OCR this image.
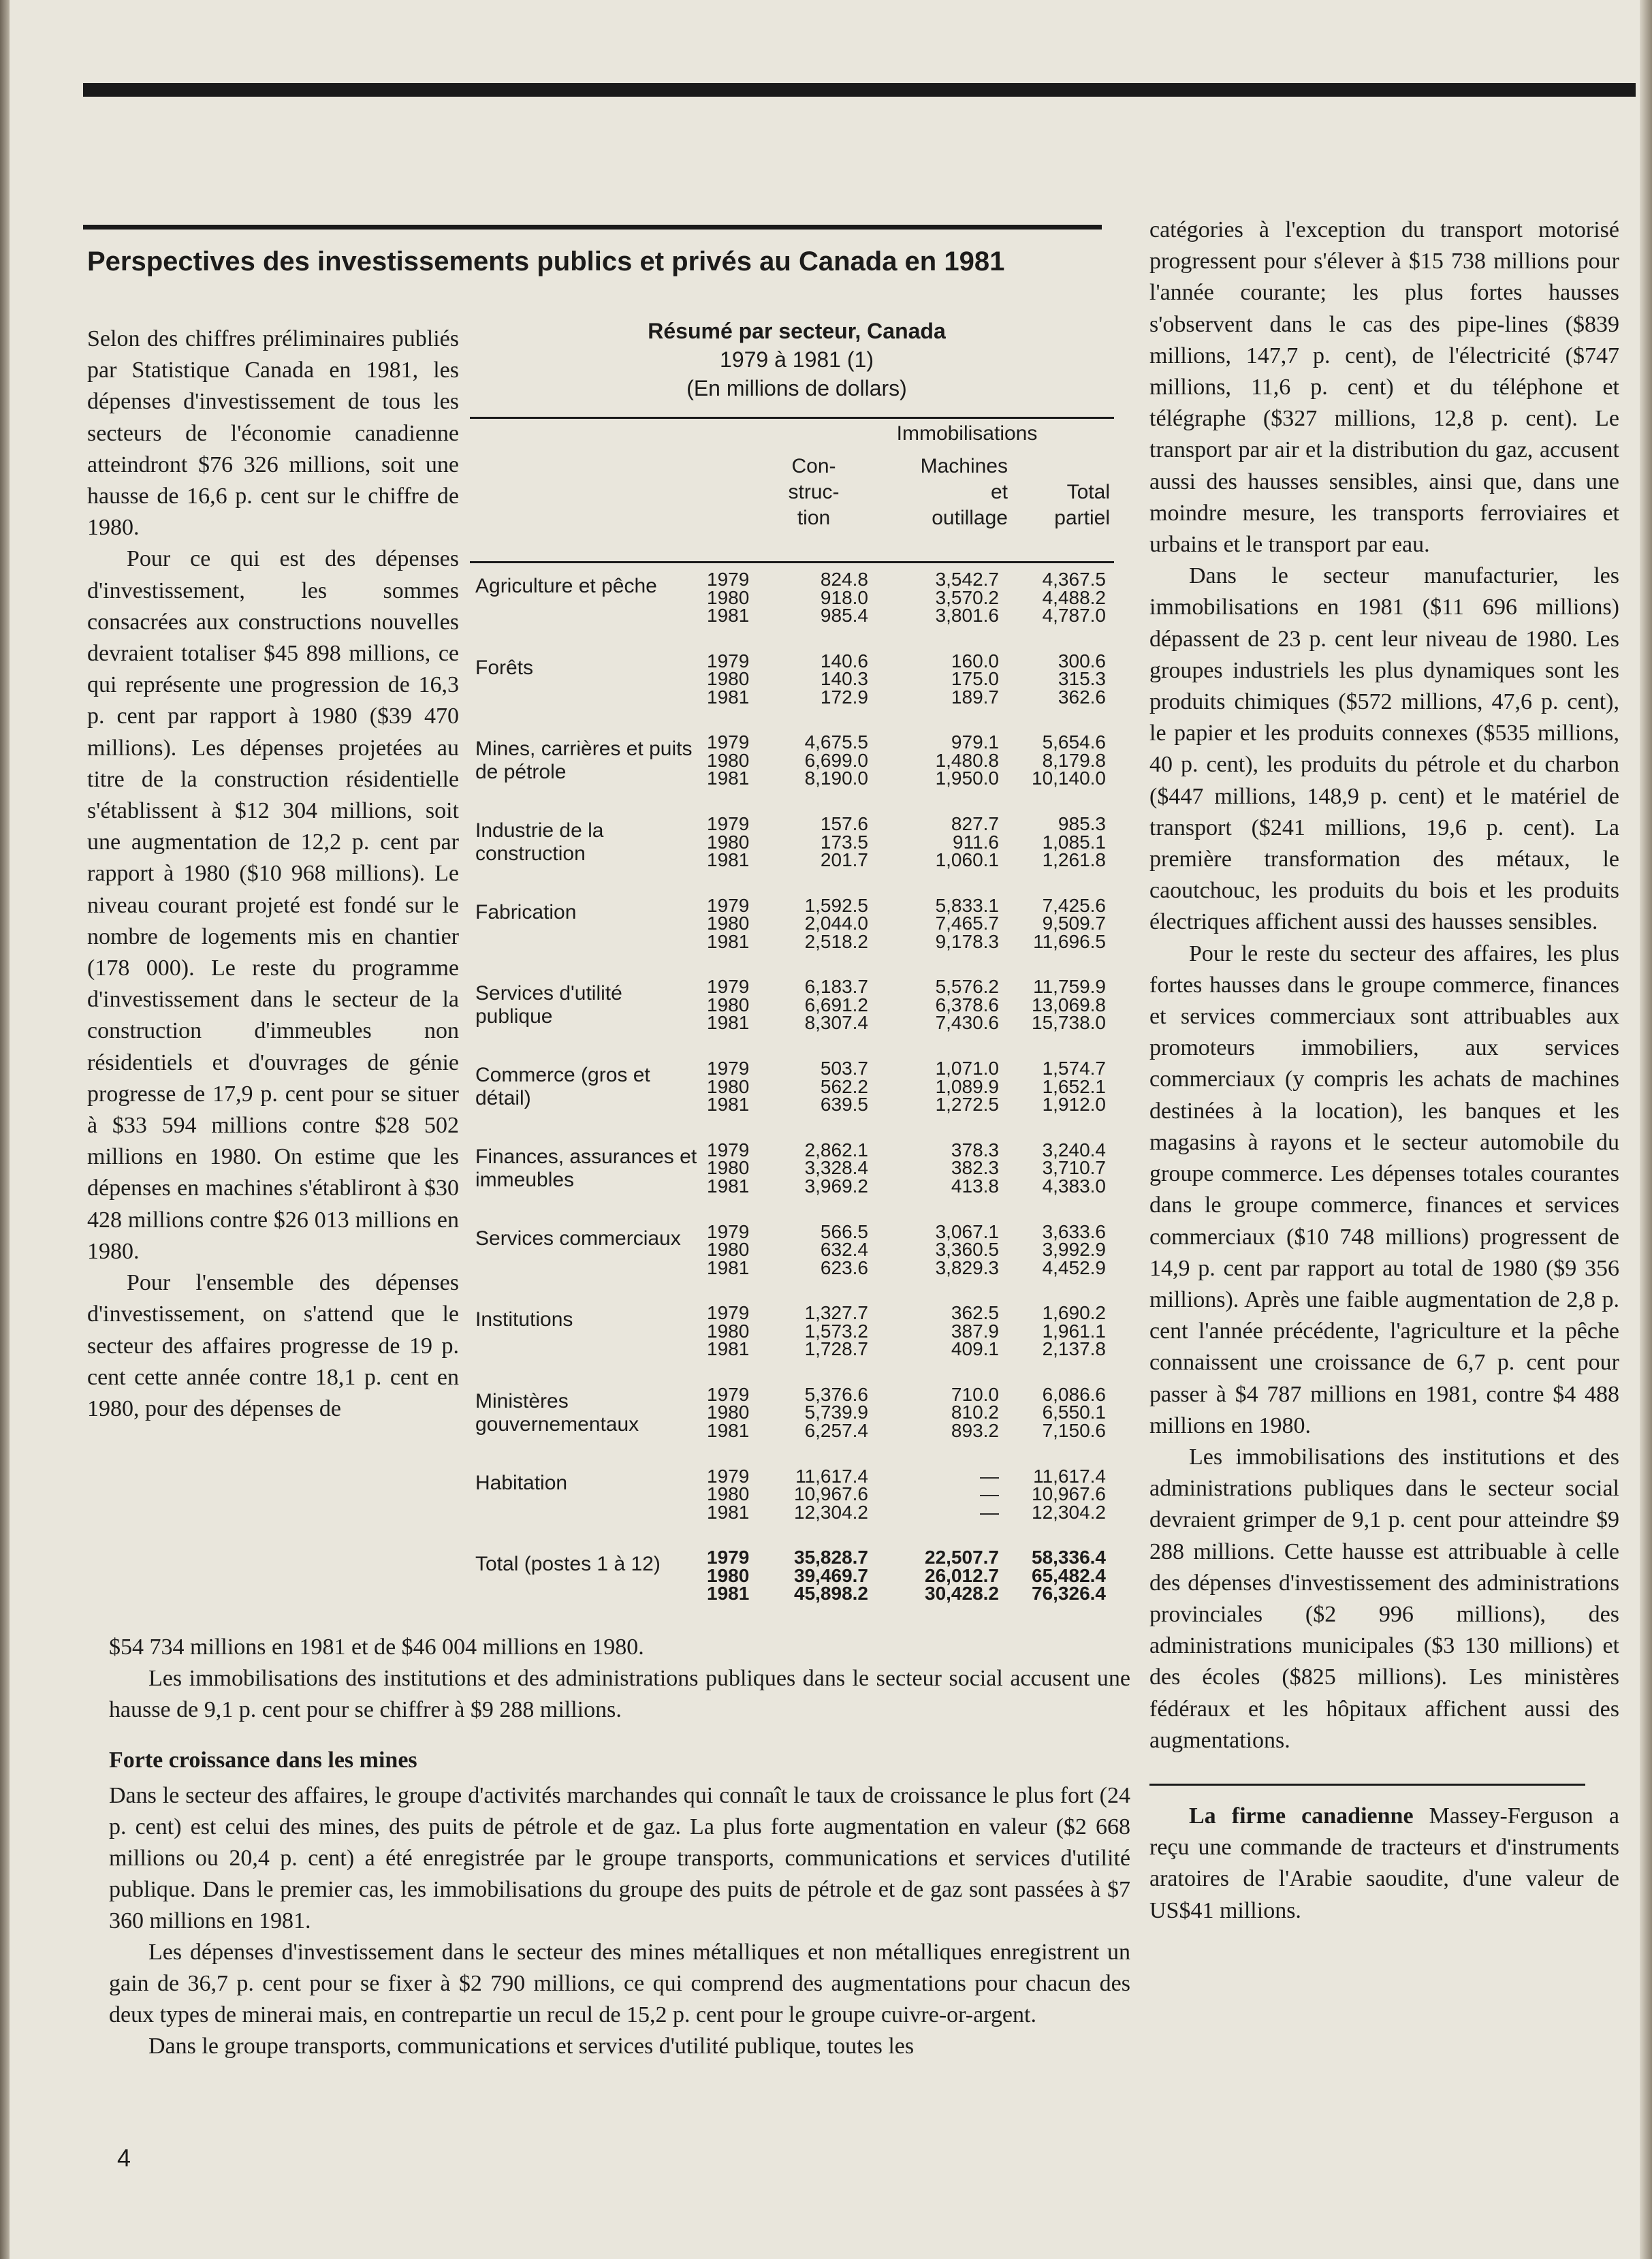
Perspectives des investissements publics et privés au Canada en 1981

Selon des chiffres préliminaires publiés par Statistique Canada en 1981, les dépenses d'investissement de tous les secteurs de l'économie canadienne atteindront $76 326 millions, soit une hausse de 16,6 p. cent sur le chiffre de 1980.

Pour ce qui est des dépenses d'investissement, les sommes consacrées aux constructions nouvelles devraient totaliser $45 898 millions, ce qui représente une progression de 16,3 p. cent par rapport à 1980 ($39 470 millions). Les dépenses projetées au titre de la construction résidentielle s'établissent à $12 304 millions, soit une augmentation de 12,2 p. cent par rapport à 1980 ($10 968 millions). Le niveau courant projeté est fondé sur le nombre de logements mis en chantier (178 000). Le reste du programme d'investissement dans le secteur de la construction d'immeubles non résidentiels et d'ouvrages de génie progresse de 17,9 p. cent pour se situer à $33 594 millions contre $28 502 millions en 1980. On estime que les dépenses en machines s'établiront à $30 428 millions contre $26 013 millions en 1980.

Pour l'ensemble des dépenses d'investissement, on s'attend que le secteur des affaires progresse de 19 p. cent cette année contre 18,1 p. cent en 1980, pour des dépenses de

Résumé par secteur, Canada
1979 à 1981 (1)
(En millions de dollars)
Immobilisations
Con-
struc-
tion
Machines
et
outillage
Total
partiel
Agriculture et pêche	1979	824.8	3,542.7	4,367.5
1980	918.0	3,570.2	4,488.2
1981	985.4	3,801.6	4,787.0
Forêts	1979	140.6	160.0	300.6
1980	140.3	175.0	315.3
1981	172.9	189.7	362.6
Mines, carrières et puits de pétrole
1979	4,675.5	979.1	5,654.6
1980	6,699.0	1,480.8	8,179.8
1981	8,190.0	1,950.0	10,140.0
Industrie de la construction
1979	157.6	827.7	985.3
1980	173.5	911.6	1,085.1
1981	201.7	1,060.1	1,261.8
Fabrication	1979	1,592.5	5,833.1	7,425.6
1980	2,044.0	7,465.7	9,509.7
1981	2,518.2	9,178.3	11,696.5
Services d'utilité publique
1979	6,183.7	5,576.2	11,759.9
1980	6,691.2	6,378.6	13,069.8
1981	8,307.4	7,430.6	15,738.0
Commerce (gros et détail)
1979	503.7	1,071.0	1,574.7
1980	562.2	1,089.9	1,652.1
1981	639.5	1,272.5	1,912.0
Finances, assurances et immeubles
1979	2,862.1	378.3	3,240.4
1980	3,328.4	382.3	3,710.7
1981	3,969.2	413.8	4,383.0
Services commerciaux	1979	566.5	3,067.1	3,633.6
1980	632.4	3,360.5	3,992.9
1981	623.6	3,829.3	4,452.9
Institutions	1979	1,327.7	362.5	1,690.2
1980	1,573.2	387.9	1,961.1
1981	1,728.7	409.1	2,137.8
Ministères gouvernementaux
1979	5,376.6	710.0	6,086.6
1980	5,739.9	810.2	6,550.1
1981	6,257.4	893.2	7,150.6
Habitation	1979	11,617.4	—	11,617.4
1980	10,967.6	—	10,967.6
1981	12,304.2	—	12,304.2
Total (postes 1 à 12)	1979	35,828.7	22,507.7	58,336.4
1980	39,469.7	26,012.7	65,482.4
1981	45,898.2	30,428.2	76,326.4

$54 734 millions en 1981 et de $46 004 millions en 1980.

Les immobilisations des institutions et des administrations publiques dans le secteur social accusent une hausse de 9,1 p. cent pour se chiffrer à $9 288 millions.

Forte croissance dans les mines

Dans le secteur des affaires, le groupe d'activités marchandes qui connaît le taux de croissance le plus fort (24 p. cent) est celui des mines, des puits de pétrole et de gaz. La plus forte augmentation en valeur ($2 668 millions ou 20,4 p. cent) a été enregistrée par le groupe transports, communications et services d'utilité publique. Dans le premier cas, les immobilisations du groupe des puits de pétrole et de gaz sont passées à $7 360 millions en 1981.

Les dépenses d'investissement dans le secteur des mines métalliques et non métalliques enregistrent un gain de 36,7 p. cent pour se fixer à $2 790 millions, ce qui comprend des augmentations pour chacun des deux types de minerai mais, en contrepartie un recul de 15,2 p. cent pour le groupe cuivre-or-argent.

Dans le groupe transports, communications et services d'utilité publique, toutes les

catégories à l'exception du transport motorisé progressent pour s'élever à $15 738 millions pour l'année courante; les plus fortes hausses s'observent dans le cas des pipe-lines ($839 millions, 147,7 p. cent), de l'électricité ($747 millions, 11,6 p. cent) et du téléphone et télégraphe ($327 millions, 12,8 p. cent). Le transport par air et la distribution du gaz, accusent aussi des hausses sensibles, ainsi que, dans une moindre mesure, les transports ferroviaires et urbains et le transport par eau.

Dans le secteur manufacturier, les immobilisations en 1981 ($11 696 millions) dépassent de 23 p. cent leur niveau de 1980. Les groupes industriels les plus dynamiques sont les produits chimiques ($572 millions, 47,6 p. cent), le papier et les produits connexes ($535 millions, 40 p. cent), les produits du pétrole et du charbon ($447 millions, 148,9 p. cent) et le matériel de transport ($241 millions, 19,6 p. cent). La première transformation des métaux, le caoutchouc, les produits du bois et les produits électriques affichent aussi des hausses sensibles.

Pour le reste du secteur des affaires, les plus fortes hausses dans le groupe commerce, finances et services commerciaux sont attribuables aux promoteurs immobiliers, aux services commerciaux (y compris les achats de machines destinées à la location), les banques et les magasins à rayons et le secteur automobile du groupe commerce. Les dépenses totales courantes dans le groupe commerce, finances et services commerciaux ($10 748 millions) progressent de 14,9 p. cent par rapport au total de 1980 ($9 356 millions). Après une faible augmentation de 2,8 p. cent l'année précédente, l'agriculture et la pêche connaissent une croissance de 6,7 p. cent pour passer à $4 787 millions en 1981, contre $4 488 millions en 1980.

Les immobilisations des institutions et des administrations publiques dans le secteur social devraient grimper de 9,1 p. cent pour atteindre $9 288 millions. Cette hausse est attribuable à celle des dépenses d'investissement des administrations provinciales ($2 996 millions), des administrations municipales ($3 130 millions) et des écoles ($825 millions). Les ministères fédéraux et les hôpitaux affichent aussi des augmentations.

La firme canadienne Massey-Ferguson a reçu une commande de tracteurs et d'instruments aratoires de l'Arabie saoudite, d'une valeur de US$41 millions.

4
